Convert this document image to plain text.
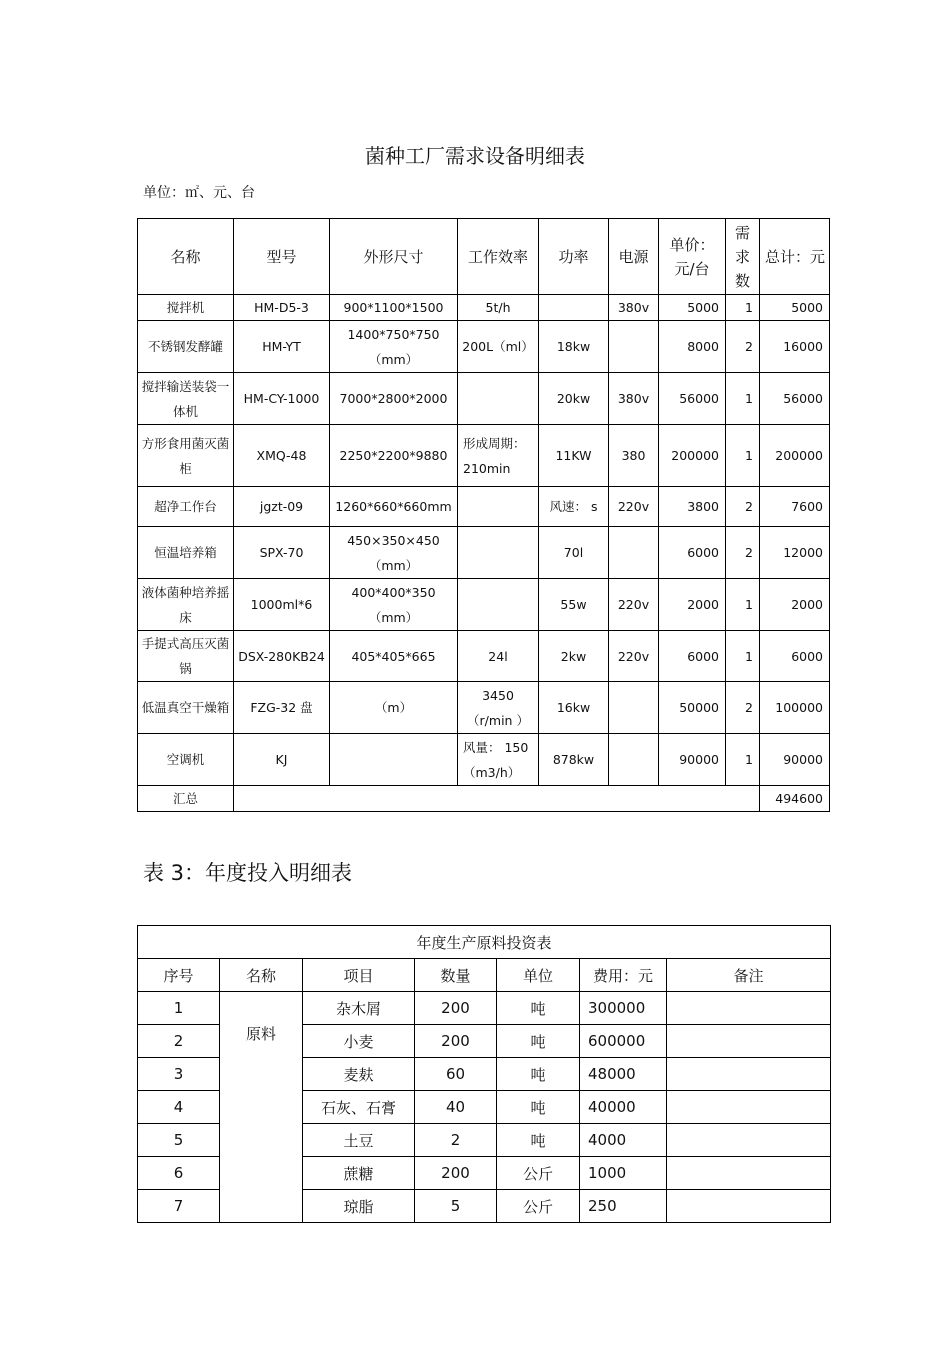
菌种工厂需求设备明细表
单位：㎡、元、台
名称	型号	外形尺寸	工作效率	功率	电源	单价：元/台	需求数	总计：元
搅拌机	HM-D5-3	900*1100*1500	5t/h		380v	5000	1	5000
不锈钢发酵罐	HM-YT	1400*750*750（mm）	200L（ml）	18kw		8000	2	16000
搅拌输送装袋一体机	HM-CY-1000	7000*2800*2000		20kw	380v	56000	1	56000
方形食用菌灭菌柜	XMQ-48	2250*2200*9880	形成周期：210min	11KW	380	200000	1	200000
超净工作台	jgzt-09	1260*660*660mm		风速： s	220v	3800	2	7600
恒温培养箱	SPX-70	450×350×450（mm）		70l		6000	2	12000
液体菌种培养摇床	1000ml*6	400*400*350（mm）		55w	220v	2000	1	2000
手提式高压灭菌锅	DSX-280KB24	405*405*665	24l	2kw	220v	6000	1	6000
低温真空干燥箱	FZG-32 盘	（m）	3450（r/min ）	16kw		50000	2	100000
空调机	KJ		风量： 150（m3/h）	878kw		90000	1	90000
汇总								494600
表 3：年度投入明细表
年度生产原料投资表						
序号	名称	项目	数量	单位	费用：元	备注
1	原料	杂木屑	200	吨	300000	
2		小麦	200	吨	600000	
3		麦麸	60	吨	48000	
4		石灰、石膏	40	吨	40000	
5		土豆	2	吨	4000	
6		蔗糖	200	公斤	1000	
7		琼脂	5	公斤	250	
